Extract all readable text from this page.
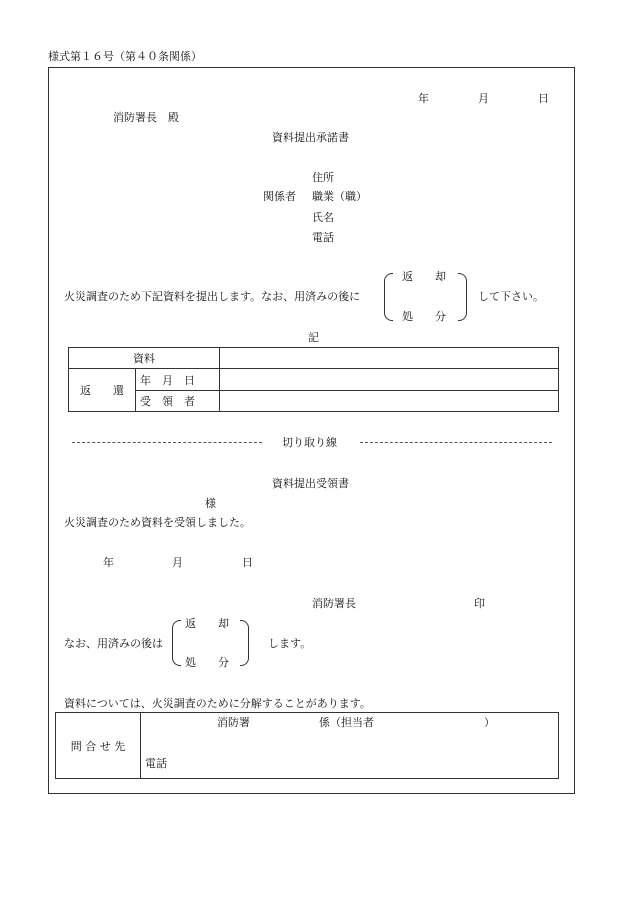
様式第１６号（第４０条関係）
年	月	日
消防署長　殿
資料提出承諾書
住所
関係者 職業（職）
氏名
電話
火災調査のため下記資料を提出します。なお、用済みの後に
返　　却
処　　分
して下さい。
記
資料		
返　　還	年　月　日	
	受　領　者	
切り取り線
資料提出受領書
様
火災調査のため資料を受領しました。
年	月	日
消防署長	印
なお、用済みの後は
返　　却
処　　分
します。
資料については、火災調査のために分解することがあります。
問 合 せ 先	
消防署	係（担当者　　　　　　　　　　）
電話
